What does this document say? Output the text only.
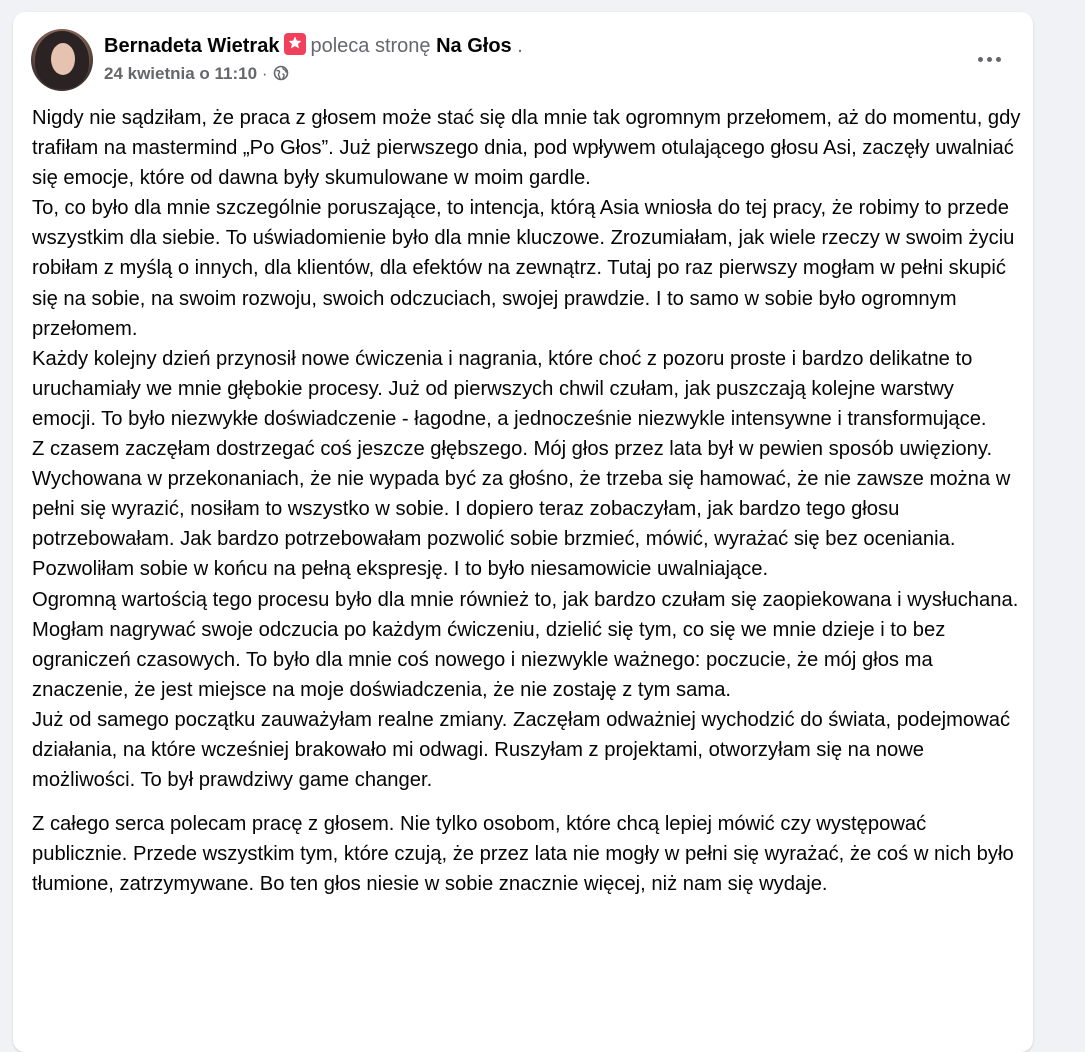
Bernadeta Wietrak poleca stronę Na Głos .
24 kwietnia o 11:10 ·

Nigdy nie sądziłam, że praca z głosem może stać się dla mnie tak ogromnym przełomem, aż do momentu, gdy trafiłam na mastermind „Po Głos”. Już pierwszego dnia, pod wpływem otulającego głosu Asi, zaczęły uwalniać się emocje, które od dawna były skumulowane w moim gardle.

To, co było dla mnie szczególnie poruszające, to intencja, którą Asia wniosła do tej pracy, że robimy to przede wszystkim dla siebie. To uświadomienie było dla mnie kluczowe. Zrozumiałam, jak wiele rzeczy w swoim życiu robiłam z myślą o innych, dla klientów, dla efektów na zewnątrz. Tutaj po raz pierwszy mogłam w pełni skupić się na sobie, na swoim rozwoju, swoich odczuciach, swojej prawdzie. I to samo w sobie było ogromnym przełomem.

Każdy kolejny dzień przynosił nowe ćwiczenia i nagrania, które choć z pozoru proste i bardzo delikatne to uruchamiały we mnie głębokie procesy. Już od pierwszych chwil czułam, jak puszczają kolejne warstwy emocji. To było niezwykłe doświadczenie - łagodne, a jednocześnie niezwykle intensywne i transformujące.

Z czasem zaczęłam dostrzegać coś jeszcze głębszego. Mój głos przez lata był w pewien sposób uwięziony. Wychowana w przekonaniach, że nie wypada być za głośno, że trzeba się hamować, że nie zawsze można w pełni się wyrazić, nosiłam to wszystko w sobie. I dopiero teraz zobaczyłam, jak bardzo tego głosu potrzebowałam. Jak bardzo potrzebowałam pozwolić sobie brzmieć, mówić, wyrażać się bez oceniania.

Pozwoliłam sobie w końcu na pełną ekspresję. I to było niesamowicie uwalniające.

Ogromną wartością tego procesu było dla mnie również to, jak bardzo czułam się zaopiekowana i wysłuchana. Mogłam nagrywać swoje odczucia po każdym ćwiczeniu, dzielić się tym, co się we mnie dzieje i to bez ograniczeń czasowych. To było dla mnie coś nowego i niezwykle ważnego: poczucie, że mój głos ma znaczenie, że jest miejsce na moje doświadczenia, że nie zostaję z tym sama.

Już od samego początku zauważyłam realne zmiany. Zaczęłam odważniej wychodzić do świata, podejmować działania, na które wcześniej brakowało mi odwagi. Ruszyłam z projektami, otworzyłam się na nowe możliwości. To był prawdziwy game changer.

Z całego serca polecam pracę z głosem. Nie tylko osobom, które chcą lepiej mówić czy występować publicznie. Przede wszystkim tym, które czują, że przez lata nie mogły w pełni się wyrażać, że coś w nich było tłumione, zatrzymywane. Bo ten głos niesie w sobie znacznie więcej, niż nam się wydaje.
